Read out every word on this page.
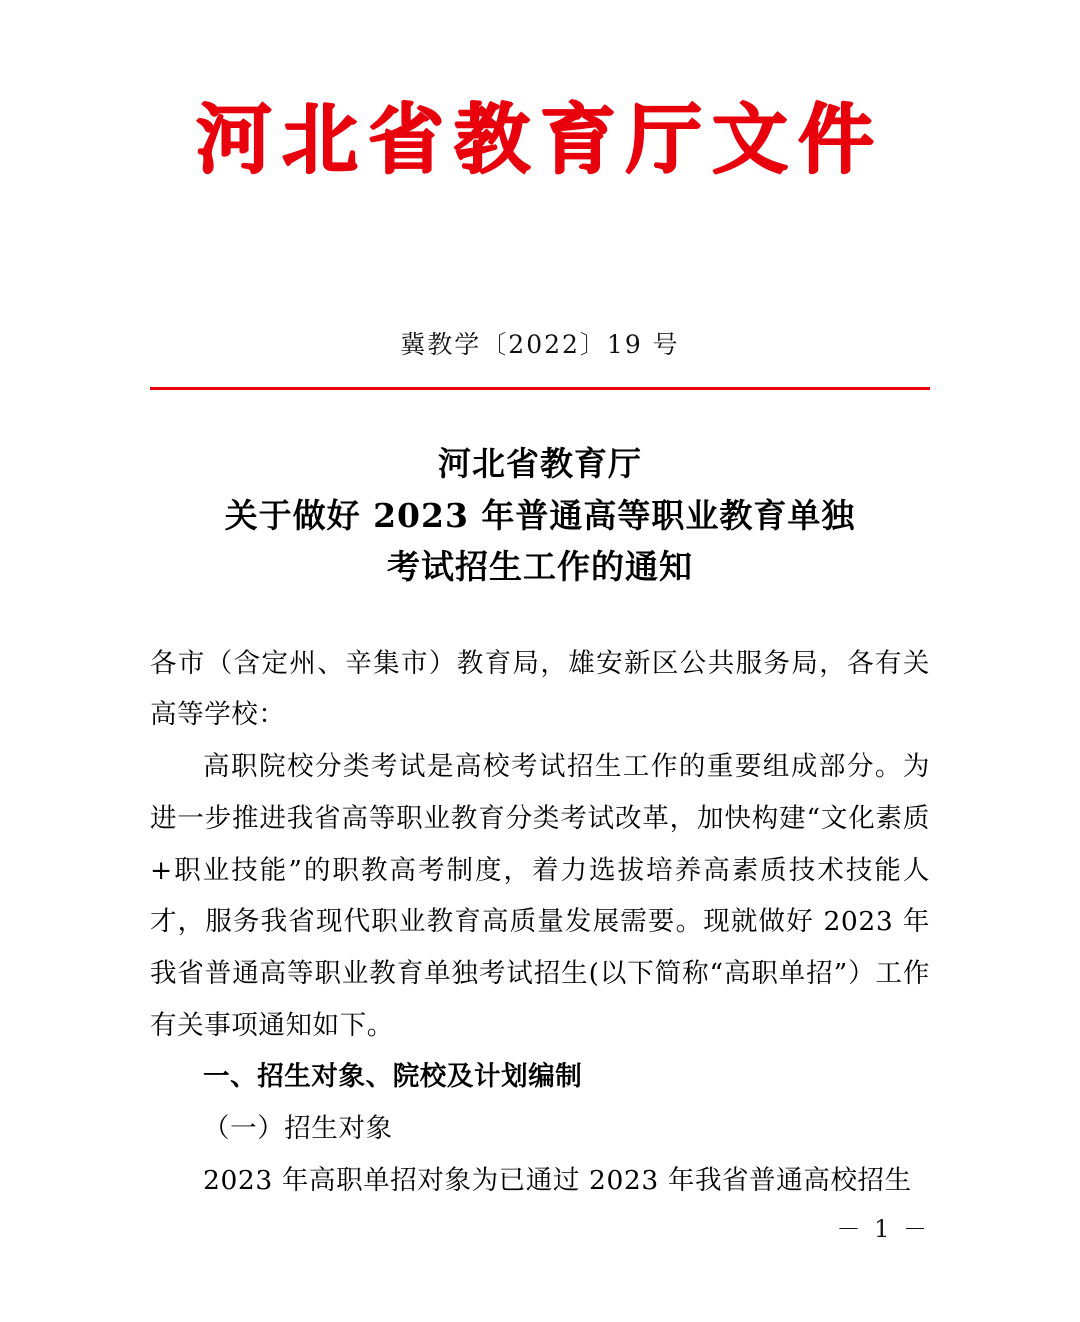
河北省教育厅文件
冀教学〔2022〕19 号
河北省教育厅
关于做好 2023 年普通高等职业教育单独
考试招生工作的通知

各市（含定州、辛集市）教育局，雄安新区公共服务局，各有关高等学校：

高职院校分类考试是高校考试招生工作的重要组成部分。为进一步推进我省高等职业教育分类考试改革，加快构建“文化素质+职业技能”的职教高考制度，着力选拔培养高素质技术技能人才，服务我省现代职业教育高质量发展需要。现就做好 2023 年我省普通高等职业教育单独考试招生(以下简称“高职单招”）工作有关事项通知如下。

一、招生对象、院校及计划编制

（一）招生对象

2023 年高职单招对象为已通过 2023 年我省普通高校招生

－ 1 －
